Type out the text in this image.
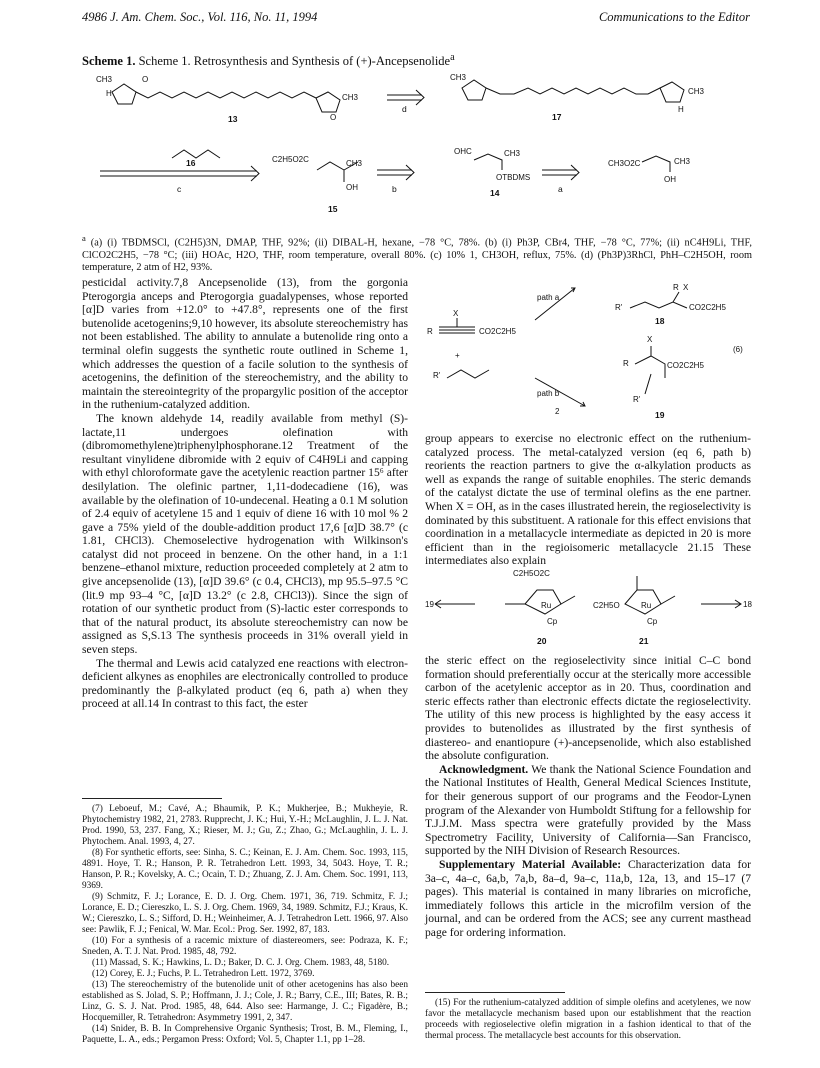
4986 J. Am. Chem. Soc., Vol. 116, No. 11, 1994	Communications to the Editor
Scheme 1. Scheme 1. Retrosynthesis and Synthesis of (+)-Ancepsenolide$^a$
CH3
H
O
CH3
O
CH3
CH3
H
C2H5O2C	CH3
OH
OHC	CH3
OTBDMS
CH3O2C	CH3
OH
13	17
16
15
14
d
c	b	a
$^a$ (a) (i) TBDMSCl, (C2H5)3N, DMAP, THF, 92%; (ii) DIBAL-H, hexane, −78 °C, 78%. (b) (i) Ph3P, CBr4, THF, −78 °C, 77%; (ii) nC4H9Li, THF, ClCO2C2H5, −78 °C; (iii) HOAc, H2O, THF, room temperature, overall 80%. (c) 10% 1, CH3OH, reflux, 75%. (d) (Ph3P)3RhCl, PhH–C2H5OH, room temperature, 2 atm of H2, 93%.

pesticidal activity.7,8 Ancepsenolide (13), from the gorgonia Pterogorgia anceps and Pterogorgia guadalypenses, whose reported [α]D varies from +12.0° to +47.8°, represents one of the first butenolide acetogenins;9,10 however, its absolute stereochemistry has not been established. The ability to annulate a butenolide ring onto a terminal olefin suggests the synthetic route outlined in Scheme 1, which addresses the question of a facile solution to the synthesis of acetogenins, the definition of the stereochemistry, and the ability to maintain the stereointegrity of the propargylic position of the acceptor in the ruthenium-catalyzed addition.

The known aldehyde 14, readily available from methyl (S)-lactate,11 undergoes olefination with (dibromomethylene)triphenylphosphorane.12 Treatment of the resultant vinylidene dibromide with 2 equiv of C4H9Li and capping with ethyl chloroformate gave the acetylenic reaction partner 15⁶ after desilylation. The olefinic partner, 1,11-dodecadiene (16), was available by the olefination of 10-undecenal. Heating a 0.1 M solution of 2.4 equiv of acetylene 15 and 1 equiv of diene 16 with 10 mol % 2 gave a 75% yield of the double-addition product 17,6 [α]D 38.7° (c 1.81, CHCl3). Chemoselective hydrogenation with Wilkinson's catalyst did not proceed in benzene. On the other hand, in a 1:1 benzene–ethanol mixture, reduction proceeded completely at 2 atm to give ancepsenolide (13), [α]D 39.6° (c 0.4, CHCl3), mp 95.5–97.5 °C (lit.9 mp 93–4 °C, [α]D 13.2° (c 2.8, CHCl3)). Since the sign of rotation of our synthetic product from (S)-lactic ester corresponds to that of the natural product, its absolute stereochemistry can now be assigned as S,S.13 The synthesis proceeds in 31% overall yield in seven steps.

The thermal and Lewis acid catalyzed ene reactions with electron-deficient alkynes as enophiles are electronically controlled to produce predominantly the β-alkylated product (eq 6, path a) when they proceed at all.14 In contrast to this fact, the ester

(7) Leboeuf, M.; Cavé, A.; Bhaumik, P. K.; Mukherjee, B.; Mukheyie, R. Phytochemistry 1982, 21, 2783. Rupprecht, J. K.; Hui, Y.-H.; McLaughlin, J. L. J. Nat. Prod. 1990, 53, 237. Fang, X.; Rieser, M. J.; Gu, Z.; Zhao, G.; McLaughlin, J. L. J. Phytochem. Anal. 1993, 4, 27.

(8) For synthetic efforts, see: Sinha, S. C.; Keinan, E. J. Am. Chem. Soc. 1993, 115, 4891. Hoye, T. R.; Hanson, P. R. Tetrahedron Lett. 1993, 34, 5043. Hoye, T. R.; Hanson, P. R.; Kovelsky, A. C.; Ocain, T. D.; Zhuang, Z. J. Am. Chem. Soc. 1991, 113, 9369.

(9) Schmitz, F. J.; Lorance, E. D. J. Org. Chem. 1971, 36, 719. Schmitz, F. J.; Lorance, E. D.; Ciereszko, L. S. J. Org. Chem. 1969, 34, 1989. Schmitz, F.J.; Kraus, K. W.; Ciereszko, L. S.; Sifford, D. H.; Weinheimer, A. J. Tetrahedron Lett. 1966, 97. Also see: Pawlik, F. J.; Fenical, W. Mar. Ecol.: Prog. Ser. 1992, 87, 183.

(10) For a synthesis of a racemic mixture of diastereomers, see: Podraza, K. F.; Sneden, A. T. J. Nat. Prod. 1985, 48, 792.

(11) Massad, S. K.; Hawkins, L. D.; Baker, D. C. J. Org. Chem. 1983, 48, 5180.

(12) Corey, E. J.; Fuchs, P. L. Tetrahedron Lett. 1972, 3769.

(13) The stereochemistry of the butenolide unit of other acetogenins has also been established as S. Jolad, S. P.; Hoffmann, J. J.; Cole, J. R.; Barry, C.E., III; Bates, R. B.; Linz, G. S. J. Nat. Prod. 1985, 48, 644. Also see: Harmange, J. C.; Figadère, B.; Hocquemiller, R. Tetrahedron: Asymmetry 1991, 2, 347.

(14) Snider, B. B. In Comprehensive Organic Synthesis; Trost, B. M., Fleming, I., Paquette, L. A., eds.; Pergamon Press: Oxford; Vol. 5, Chapter 1.1, pp 1–28.

X
R	CO2C2H5
+
R'
path a
path b
2
R X
R'	CO2C2H5
X
R	CO2C2H5
R'
(6)
18
19

group appears to exercise no electronic effect on the ruthenium-catalyzed process. The metal-catalyzed version (eq 6, path b) reorients the reaction partners to give the α-alkylation products as well as expands the range of suitable enophiles. The steric demands of the catalyst dictate the use of terminal olefins as the ene partner. When X = OH, as in the cases illustrated herein, the regioselectivity is dominated by this substituent. A rationale for this effect envisions that coordination in a metallacycle intermediate as depicted in 20 is more efficient than in the regioisomeric metallacycle 21.15 These intermediates also explain

19	18
C2H5O2C
Ru
Cp
C2H5O	Ru
Cp
20	21

the steric effect on the regioselectivity since initial C–C bond formation should preferentially occur at the sterically more accessible carbon of the acetylenic acceptor as in 20. Thus, coordination and steric effects rather than electronic effects dictate the regioselectivity. The utility of this new process is highlighted by the easy access it provides to butenolides as illustrated by the first synthesis of diastereo- and enantiopure (+)-ancepsenolide, which also established the absolute configuration.

Acknowledgment. We thank the National Science Foundation and the National Institutes of Health, General Medical Sciences Institute, for their generous support of our programs and the Feodor-Lynen program of the Alexander von Humboldt Stiftung for a fellowship for T.J.J.M. Mass spectra were gratefully provided by the Mass Spectrometry Facility, University of California—San Francisco, supported by the NIH Division of Research Resources.

Supplementary Material Available: Characterization data for 3a–c, 4a–c, 6a,b, 7a,b, 8a–d, 9a–c, 11a,b, 12a, 13, and 15–17 (7 pages). This material is contained in many libraries on microfiche, immediately follows this article in the microfilm version of the journal, and can be ordered from the ACS; see any current masthead page for ordering information.

(15) For the ruthenium-catalyzed addition of simple olefins and acetylenes, we now favor the metallacycle mechanism based upon our establishment that the reaction proceeds with regioselective olefin migration in a fashion identical to that of the thermal process. The metallacycle best accounts for this observation.
